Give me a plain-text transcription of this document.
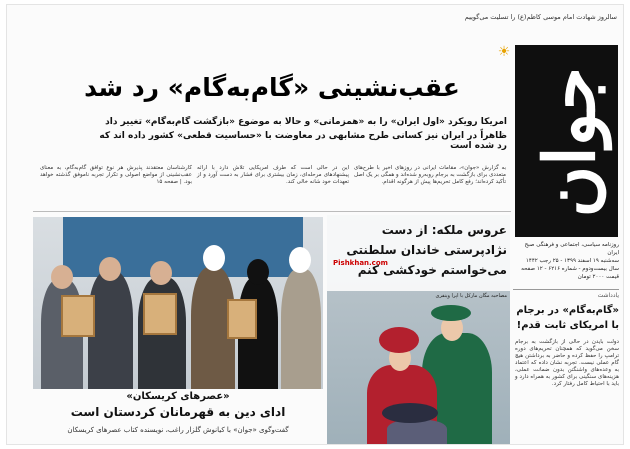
سالروز شهادت امام موسی کاظم(ع) را تسلیت می‌گوییم
☀
جوان
روزنامه سیاسی، اجتماعی و فرهنگی صبح ایران
سه‌شنبه ۱۹ اسفند ۱۳۹۹ - ۲۵ رجب ۱۴۴۲
سال بیست‌ودوم - شماره ۶۲۱۶ - ۱۲ صفحه
قیمت ۲۰۰۰ تومان
یادداشت
«گام‌به‌گام» در برجام با امریکای ثابت قدم!
دولت بایدن در حالی از بازگشت به برجام سخن می‌گوید که همچنان تحریم‌های دوره ترامپ را حفظ کرده و حاضر به برداشتن هیچ گام عملی نیست. تجربه نشان داده که اعتماد به وعده‌های واشنگتن بدون ضمانت عملی، هزینه‌های سنگینی برای کشور به همراه دارد و باید با احتیاط کامل رفتار کرد.
عقب‌نشینی «گام‌به‌گام» رد شد
امریکا رویکرد «اول ایران» را به «همزمانی» و حالا به موضوع «بازگشت گام‌به‌گام» تغییر داد
ظاهراً در ایران نیز کسانی طرح مشابهی در معاوضت با «حساسیت قطعی» کشور داده اند که رد شده است
به گزارش «جوان»، مقامات ایرانی در روزهای اخیر با طرح‌های متعددی برای بازگشت به برجام روبه‌رو شده‌اند و همگی بر یک اصل تأکید کرده‌اند؛ رفع کامل تحریم‌ها پیش از هرگونه اقدام.
این در حالی است که طرف امریکایی تلاش دارد با ارائه پیشنهادهای مرحله‌ای، زمان بیشتری برای فشار به دست آورد و از تعهدات خود شانه خالی کند.
کارشناسان معتقدند پذیرش هر نوع توافق گام‌به‌گام، به معنای عقب‌نشینی از مواضع اصولی و تکرار تجربه ناموفق گذشته خواهد بود. | صفحه ۱۵
«عصرهای کریسکان»
ادای دین به قهرمانان کردستان است
گفت‌وگوی «جوان» با کیانوش گلزار راغب، نویسنده کتاب عصرهای کریسکان
عروس ملکه: از دست نژادپرستی خاندان سلطنتی می‌خواستم خودکشی کنم
Pishkhan.com
مصاحبه مگان مارکل با اپرا وینفری
